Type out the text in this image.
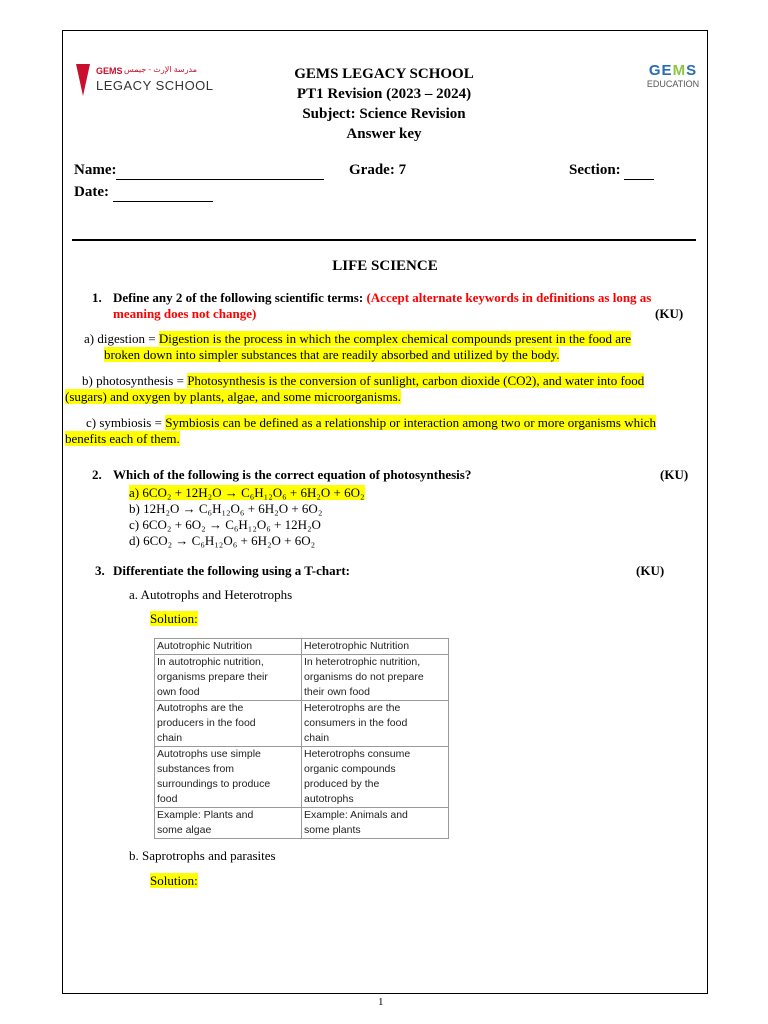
GEMS مدرسة الإرث - جيمس
LEGACY SCHOOL
GEMS LEGACY SCHOOL
PT1 Revision (2023 – 2024)
Subject: Science Revision
Answer key
GEMS
EDUCATION
Name:	Grade: 7	Section:
Date:
LIFE SCIENCE
1. Define any 2 of the following scientific terms: (Accept alternate keywords in definitions as long as
meaning does not change)	(KU)
a) digestion = Digestion is the process in which the complex chemical compounds present in the food are
broken down into simpler substances that are readily absorbed and utilized by the body.
b) photosynthesis = Photosynthesis is the conversion of sunlight, carbon dioxide (CO2), and water into food
(sugars) and oxygen by plants, algae, and some microorganisms.
c) symbiosis = Symbiosis can be defined as a relationship or interaction among two or more organisms which
benefits each of them.
2. Which of the following is the correct equation of photosynthesis?	(KU)
a) 6CO₂ + 12H₂O → C₆H₁₂O₆ + 6H₂O + 6O₂
b) 12H₂O → C₆H₁₂O₆ + 6H₂O + 6O₂
c) 6CO₂ + 6O₂ → C₆H₁₂O₆ + 12H₂O
d) 6CO₂ → C₆H₁₂O₆ + 6H₂O + 6O₂
3. Differentiate the following using a T-chart:	(KU)
a. Autotrophs and Heterotrophs
Solution:
Autotrophic Nutrition	Heterotrophic Nutrition
In autotrophic nutrition,
organisms prepare their
own food	In heterotrophic nutrition,
organisms do not prepare
their own food
Autotrophs are the
producers in the food
chain	Heterotrophs are the
consumers in the food
chain
Autotrophs use simple
substances from
surroundings to produce
food	Heterotrophs consume
organic compounds
produced by the
autotrophs
Example: Plants and
some algae	Example: Animals and
some plants
b. Saprotrophs and parasites
Solution:
1
